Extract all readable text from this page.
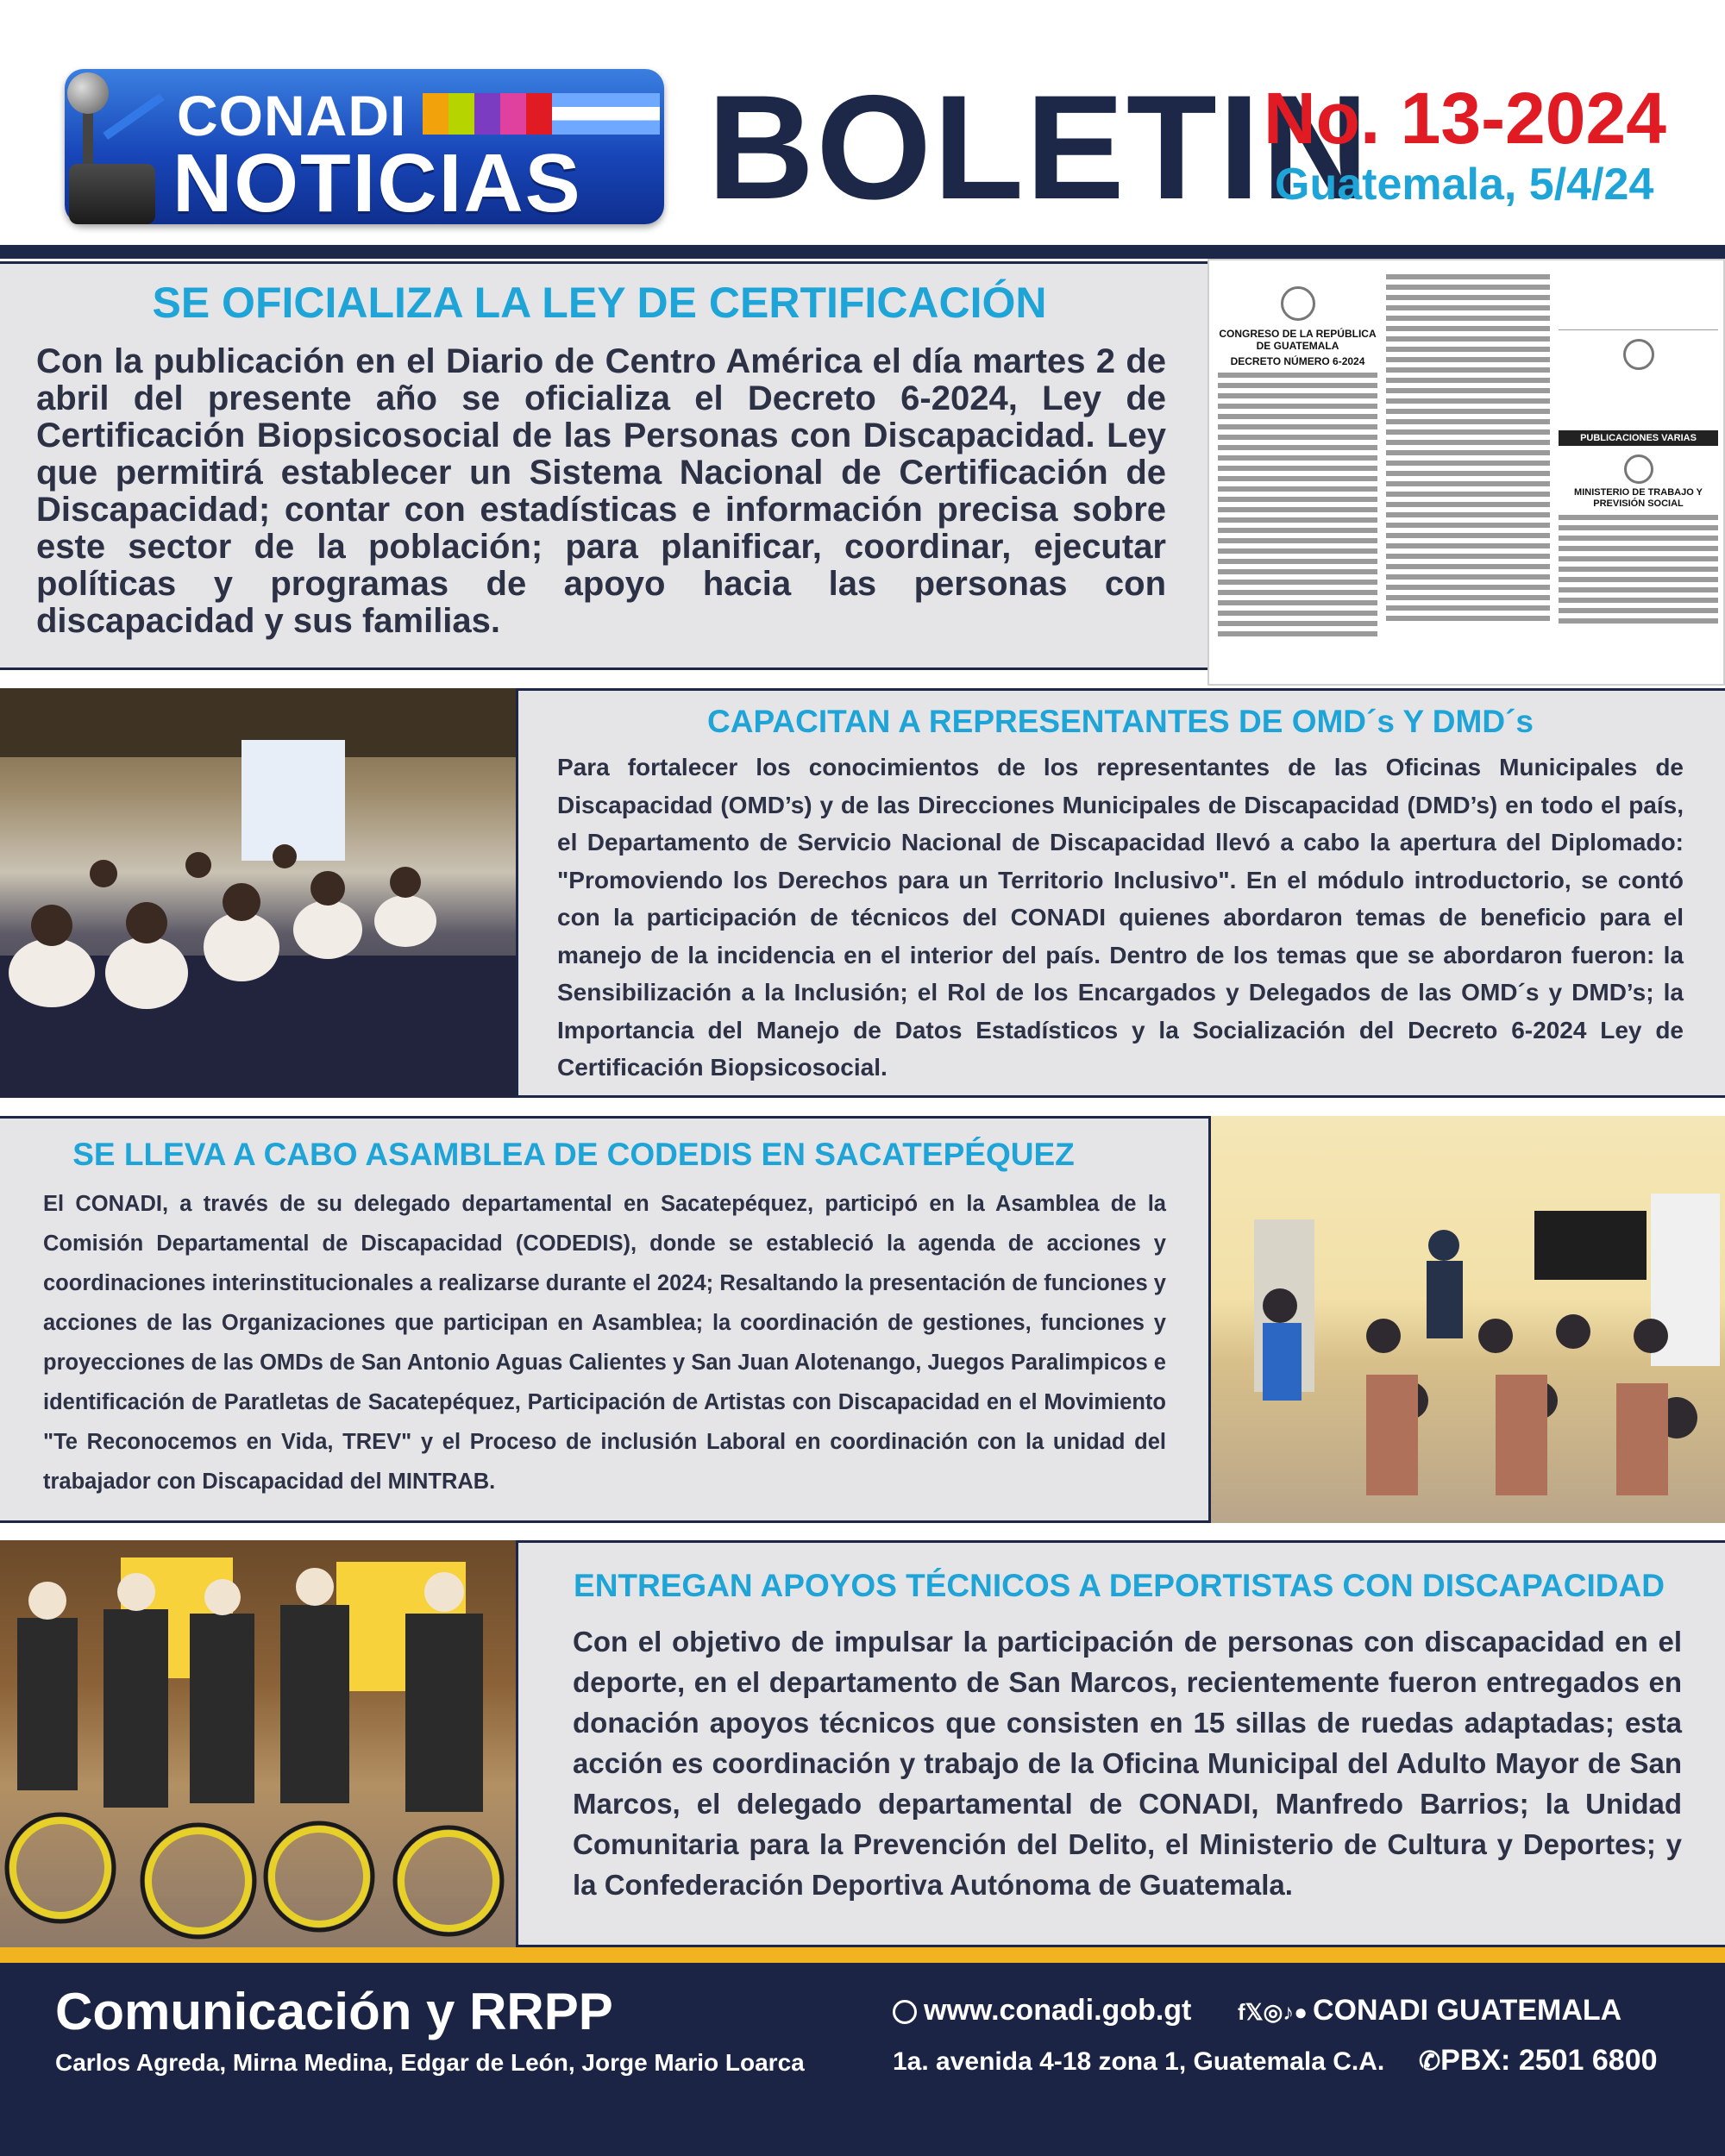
CONADI
NOTICIAS BOLETIN
No. 13-2024
Guatemala, 5/4/24
SE OFICIALIZA LA LEY DE CERTIFICACIÓN
Con la publicación en el Diario de Centro América el día martes 2 de abril del presente año se oficializa el Decreto 6-2024, Ley de Certificación Biopsicosocial de las Personas con Discapacidad. Ley que permitirá establecer un Sistema Nacional de Certificación de Discapacidad; contar con estadísticas e información precisa sobre este sector de la población; para planificar, coordinar, ejecutar políticas y programas de apoyo hacia las personas con discapacidad y sus familias.
CONGRESO DE LA REPÚBLICA DE GUATEMALA
DECRETO NÚMERO 6-2024
PUBLICACIONES VARIAS
MINISTERIO DE TRABAJO Y PREVISIÓN SOCIAL
CAPACITAN A REPRESENTANTES DE OMD´s Y DMD´s
Para fortalecer los conocimientos de los representantes de las Oficinas Municipales de Discapacidad (OMD’s) y de las Direcciones Municipales de Discapacidad (DMD’s) en todo el país, el Departamento de Servicio Nacional de Discapacidad llevó a cabo la apertura del Diplomado: "Promoviendo los Derechos para un Territorio Inclusivo". En el módulo introductorio, se contó con la participación de técnicos del CONADI quienes abordaron temas de beneficio para el manejo de la incidencia en el interior del país. Dentro de los temas que se abordaron fueron: la Sensibilización a la Inclusión; el Rol de los Encargados y Delegados de las OMD´s y DMD’s; la Importancia del Manejo de Datos Estadísticos y la Socialización del Decreto 6-2024 Ley de Certificación Biopsicosocial.
SE LLEVA A CABO ASAMBLEA DE CODEDIS EN SACATEPÉQUEZ
El CONADI, a través de su delegado departamental en Sacatepéquez, participó en la Asamblea de la Comisión Departamental de Discapacidad (CODEDIS), donde se estableció la agenda de acciones y coordinaciones interinstitucionales a realizarse durante el 2024; Resaltando la presentación de funciones y acciones de las Organizaciones que participan en Asamblea; la coordinación de gestiones, funciones y proyecciones de las OMDs de San Antonio Aguas Calientes y San Juan Alotenango, Juegos Paralimpicos e identificación de Paratletas de Sacatepéquez, Participación de Artistas con Discapacidad en el Movimiento "Te Reconocemos en Vida, TREV" y el Proceso de inclusión Laboral en coordinación con la unidad del trabajador con Discapacidad del MINTRAB.
ENTREGAN APOYOS TÉCNICOS A DEPORTISTAS CON DISCAPACIDAD
Con el objetivo de impulsar la participación de personas con discapacidad en el deporte, en el departamento de San Marcos, recientemente fueron entregados en donación apoyos técnicos que consisten en 15 sillas de ruedas adaptadas; esta acción es coordinación y trabajo de la Oficina Municipal del Adulto Mayor de San Marcos, el delegado departamental de CONADI, Manfredo Barrios; la Unidad Comunitaria para la Prevención del Delito, el Ministerio de Cultura y Deportes; y la Confederación Deportiva Autónoma de Guatemala.
Comunicación y RRPP
Carlos Agreda, Mirna Medina, Edgar de León, Jorge Mario Loarca
www.conadi.gob.gt f𝕏◎♪● CONADI GUATEMALA
1a. avenida 4-18 zona 1, Guatemala C.A. ✆PBX: 2501 6800
